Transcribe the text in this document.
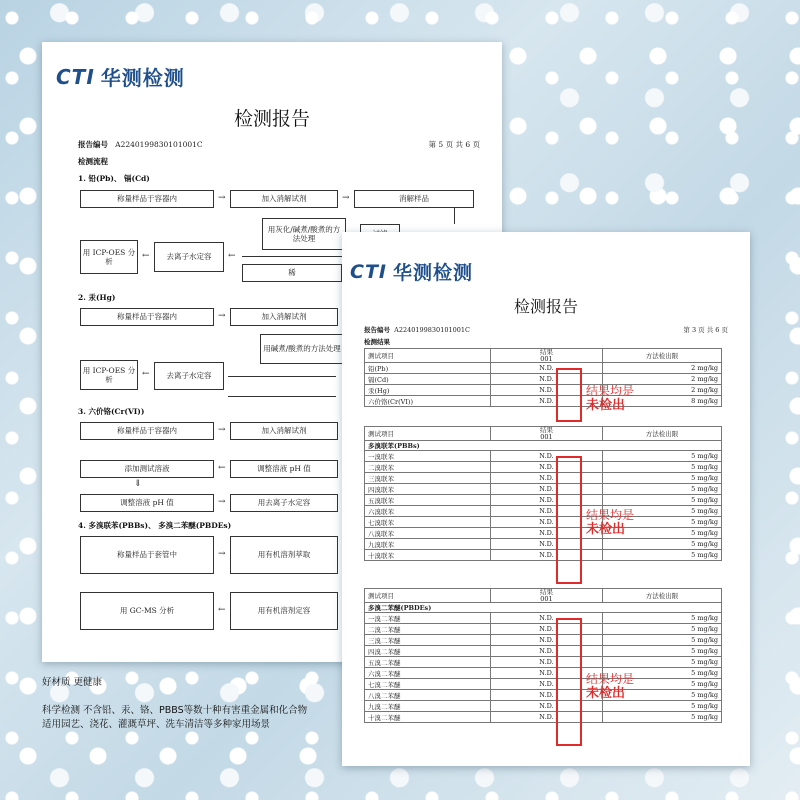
CTI 华测检测
检测报告
报告编号 A2240199830101001C	第 5 页 共 6 页
检测流程
1. 铅(Pb)、 镉(Cd)
称量样品于容器内	→	加入消解试剂	→	消解样品
用灰化/碱煮/酸煮的方法处理
用 ICP-OES 分析
←	去离子水定容	←
稀
2. 汞(Hg)
称量样品于容器内	→	加入消解试剂
用碱煮/酸煮的方法处理
用 ICP-OES 分析
←	去离子水定容
3. 六价铬(Cr(VI))
称量样品于容器内	→	加入消解试剂
添加测试溶液	←	调整溶液 pH 值
⇓
调整溶液 pH 值	→	用去离子水定容
4. 多溴联苯(PBBs)、 多溴二苯醚(PBDEs)
称量样品于套管中	→	用有机溶剂萃取
用 GC-MS 分析	←	用有机溶剂定容
CTI 华测检测
检测报告
报告编号 A2240199830101001C	第 3 页 共 6 页
检测结果
测试项目	结果
001	方法检出限
铅(Pb)	N.D.	2 mg/kg
镉(Cd)	N.D.	2 mg/kg
汞(Hg)	N.D.	2 mg/kg
六价铬(Cr(VI))	N.D.	8 mg/kg
测试项目	结果
001	方法检出限
多溴联苯(PBBs)		
一溴联苯	N.D.	5 mg/kg
二溴联苯	N.D.	5 mg/kg
三溴联苯	N.D.	5 mg/kg
四溴联苯	N.D.	5 mg/kg
五溴联苯	N.D.	5 mg/kg
六溴联苯	N.D.	5 mg/kg
七溴联苯	N.D.	5 mg/kg
八溴联苯	N.D.	5 mg/kg
九溴联苯	N.D.	5 mg/kg
十溴联苯	N.D.	5 mg/kg
测试项目	结果
001	方法检出限
多溴二苯醚(PBDEs)		
一溴二苯醚	N.D.	5 mg/kg
二溴二苯醚	N.D.	5 mg/kg
三溴二苯醚	N.D.	5 mg/kg
四溴二苯醚	N.D.	5 mg/kg
五溴二苯醚	N.D.	5 mg/kg
六溴二苯醚	N.D.	5 mg/kg
七溴二苯醚	N.D.	5 mg/kg
八溴二苯醚	N.D.	5 mg/kg
九溴二苯醚	N.D.	5 mg/kg
十溴二苯醚	N.D.	5 mg/kg
结果均是
未检出
结果均是
未检出
结果均是
未检出

好材质 更健康

科学检测 不含铅、汞、铬、PBBS等数十种有害重金属和化合物

适用园艺、浇花、灌溉草坪、洗车清洁等多种家用场景
